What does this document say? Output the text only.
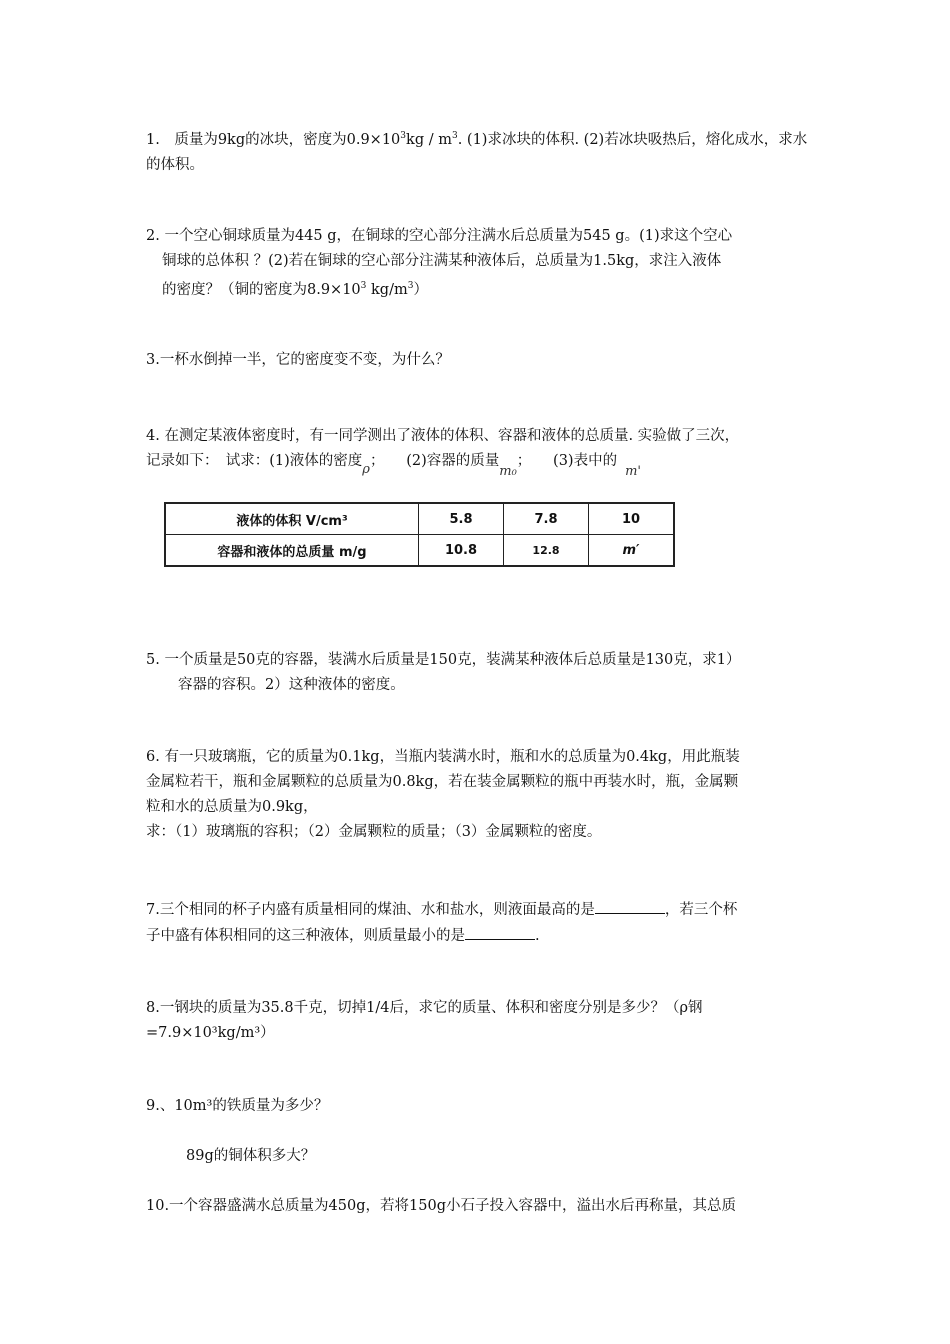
1.　质量为9kg的冰块，密度为$0.9\times 10^3kg / m^3$. (1)求冰块的体积. (2)若冰块吸热后，熔化成水，求水的体积。
2. 一个空心铜球质量为445 g，在铜球的空心部分注满水后总质量为545 g。(1)求这个空心
铜球的总体积 ？(2)若在铜球的空心部分注满某种液体后，总质量为1.5kg，求注入液体
的密度？（铜的密度为$8.9\times 10^3$ $kg/m^3$）
3.一杯水倒掉一半，它的密度变不变，为什么？
4. 在测定某液体密度时，有一同学测出了液体的体积、容器和液体的总质量. 实验做了三次，
记录如下：　试求：(1)液体的密度ρ；　　(2)容器的质量m₀；　　(3)表中的m'
液体的体积 V/cm³	5.8	7.8	10
容器和液体的总质量 m/g	10.8	12.8	m′
5. 一个质量是50克的容器，装满水后质量是150克，装满某种液体后总质量是130克，求1）
容器的容积。2）这种液体的密度。
6. 有一只玻璃瓶，它的质量为0.1kg，当瓶内装满水时，瓶和水的总质量为0.4kg，用此瓶装
金属粒若干，瓶和金属颗粒的总质量为0.8kg，若在装金属颗粒的瓶中再装水时，瓶，金属颗
粒和水的总质量为0.9kg，
求：（1）玻璃瓶的容积；（2）金属颗粒的质量；（3）金属颗粒的密度。
7.三个相同的杯子内盛有质量相同的煤油、水和盐水，则液面最高的是	，若三个杯
子中盛有体积相同的这三种液体，则质量最小的是	.
8.一钢块的质量为35.8千克，切掉1/4后，求它的质量、体积和密度分别是多少？（ρ钢
=7.9×10³kg/m³）
9.、10m³的铁质量为多少？
89g的铜体积多大？
10.一个容器盛满水总质量为450g，若将150g小石子投入容器中，溢出水后再称量，其总质
